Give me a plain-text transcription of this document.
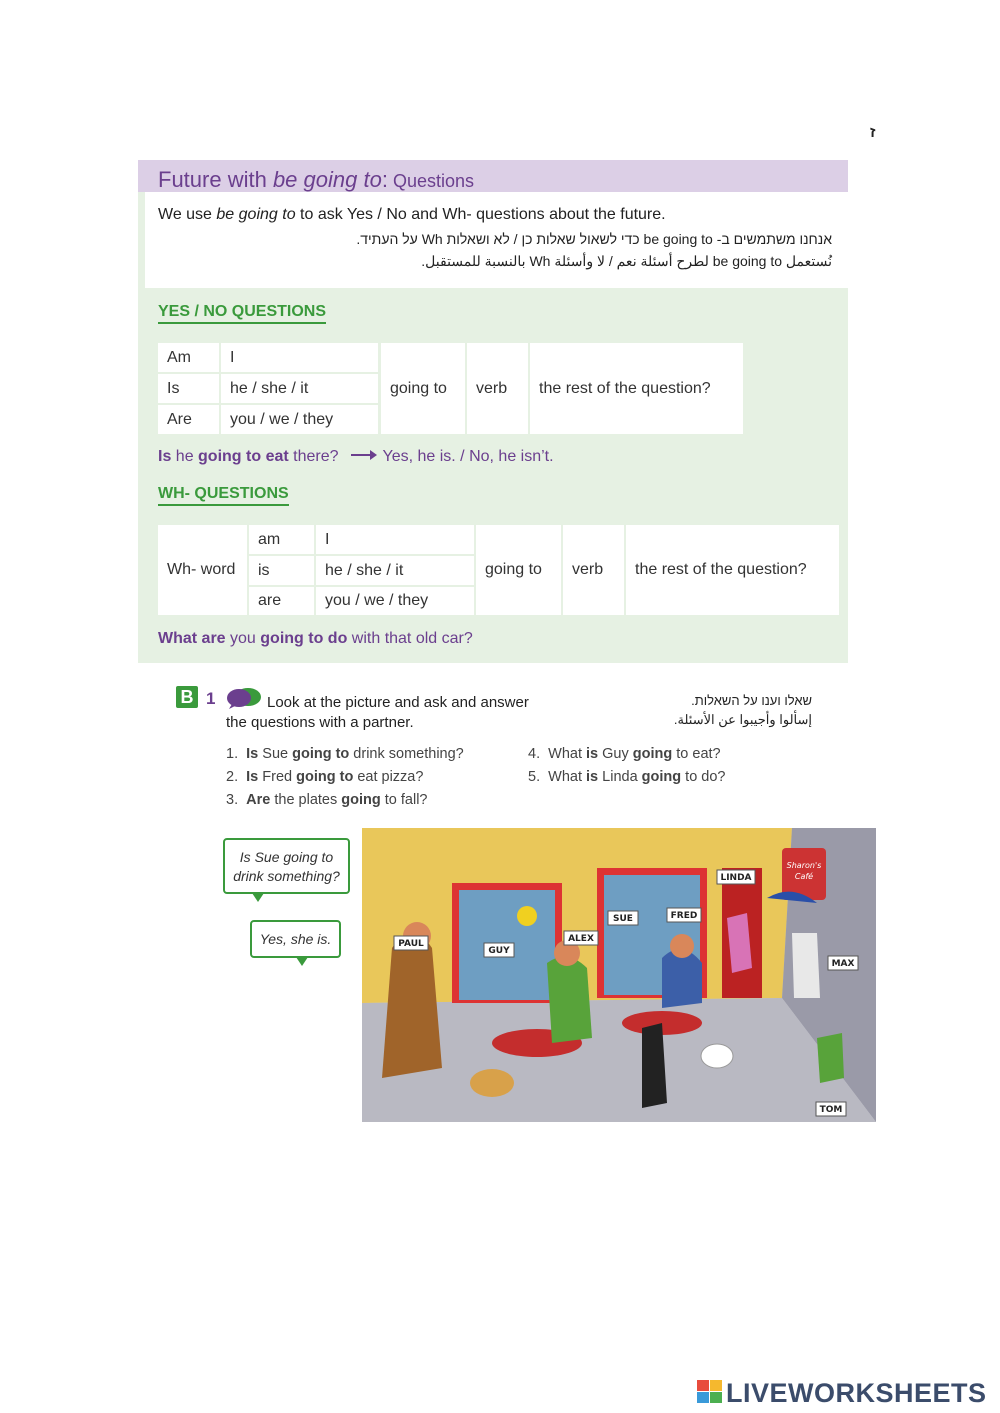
ז
Future with be going to: Questions
We use be going to to ask Yes / No and Wh- questions about the future.
אנחנו משתמשים ב- be going to כדי לשאול שאלות כן / לא ושאלות Wh על העתיד.
نُستعمل be going to لطرح أسئلة نعم / لا وأسئلة Wh بالنسبة للمستقبل.
YES / NO QUESTIONS
Am	I
Is	he / she / it
Are	you / we / they
going to	verb	the rest of the question?
Is he going to eat there?	Yes, he is. / No, he isn’t.
WH- QUESTIONS
Wh- word
am	I
is	he / she / it
are	you / we / they
going to	verb	the rest of the question?
What are you going to do with that old car?
B 1	Look at the picture and ask and answer
the questions with a partner.
שאלו וענו על השאלות.
إسألوا وأجيبوا عن الأسئلة.
1. Is Sue going to drink something?
2. Is Fred going to eat pizza?
3. Are the plates going to fall?
4. What is Guy going to eat?
5. What is Linda going to do?
Is Sue going to
drink something?
Yes, she is.
Sharon's
Café
PAUL
GUY
ALEX
SUE	FRED
LINDA
MAX
TOM
LIVEWORKSHEETS
